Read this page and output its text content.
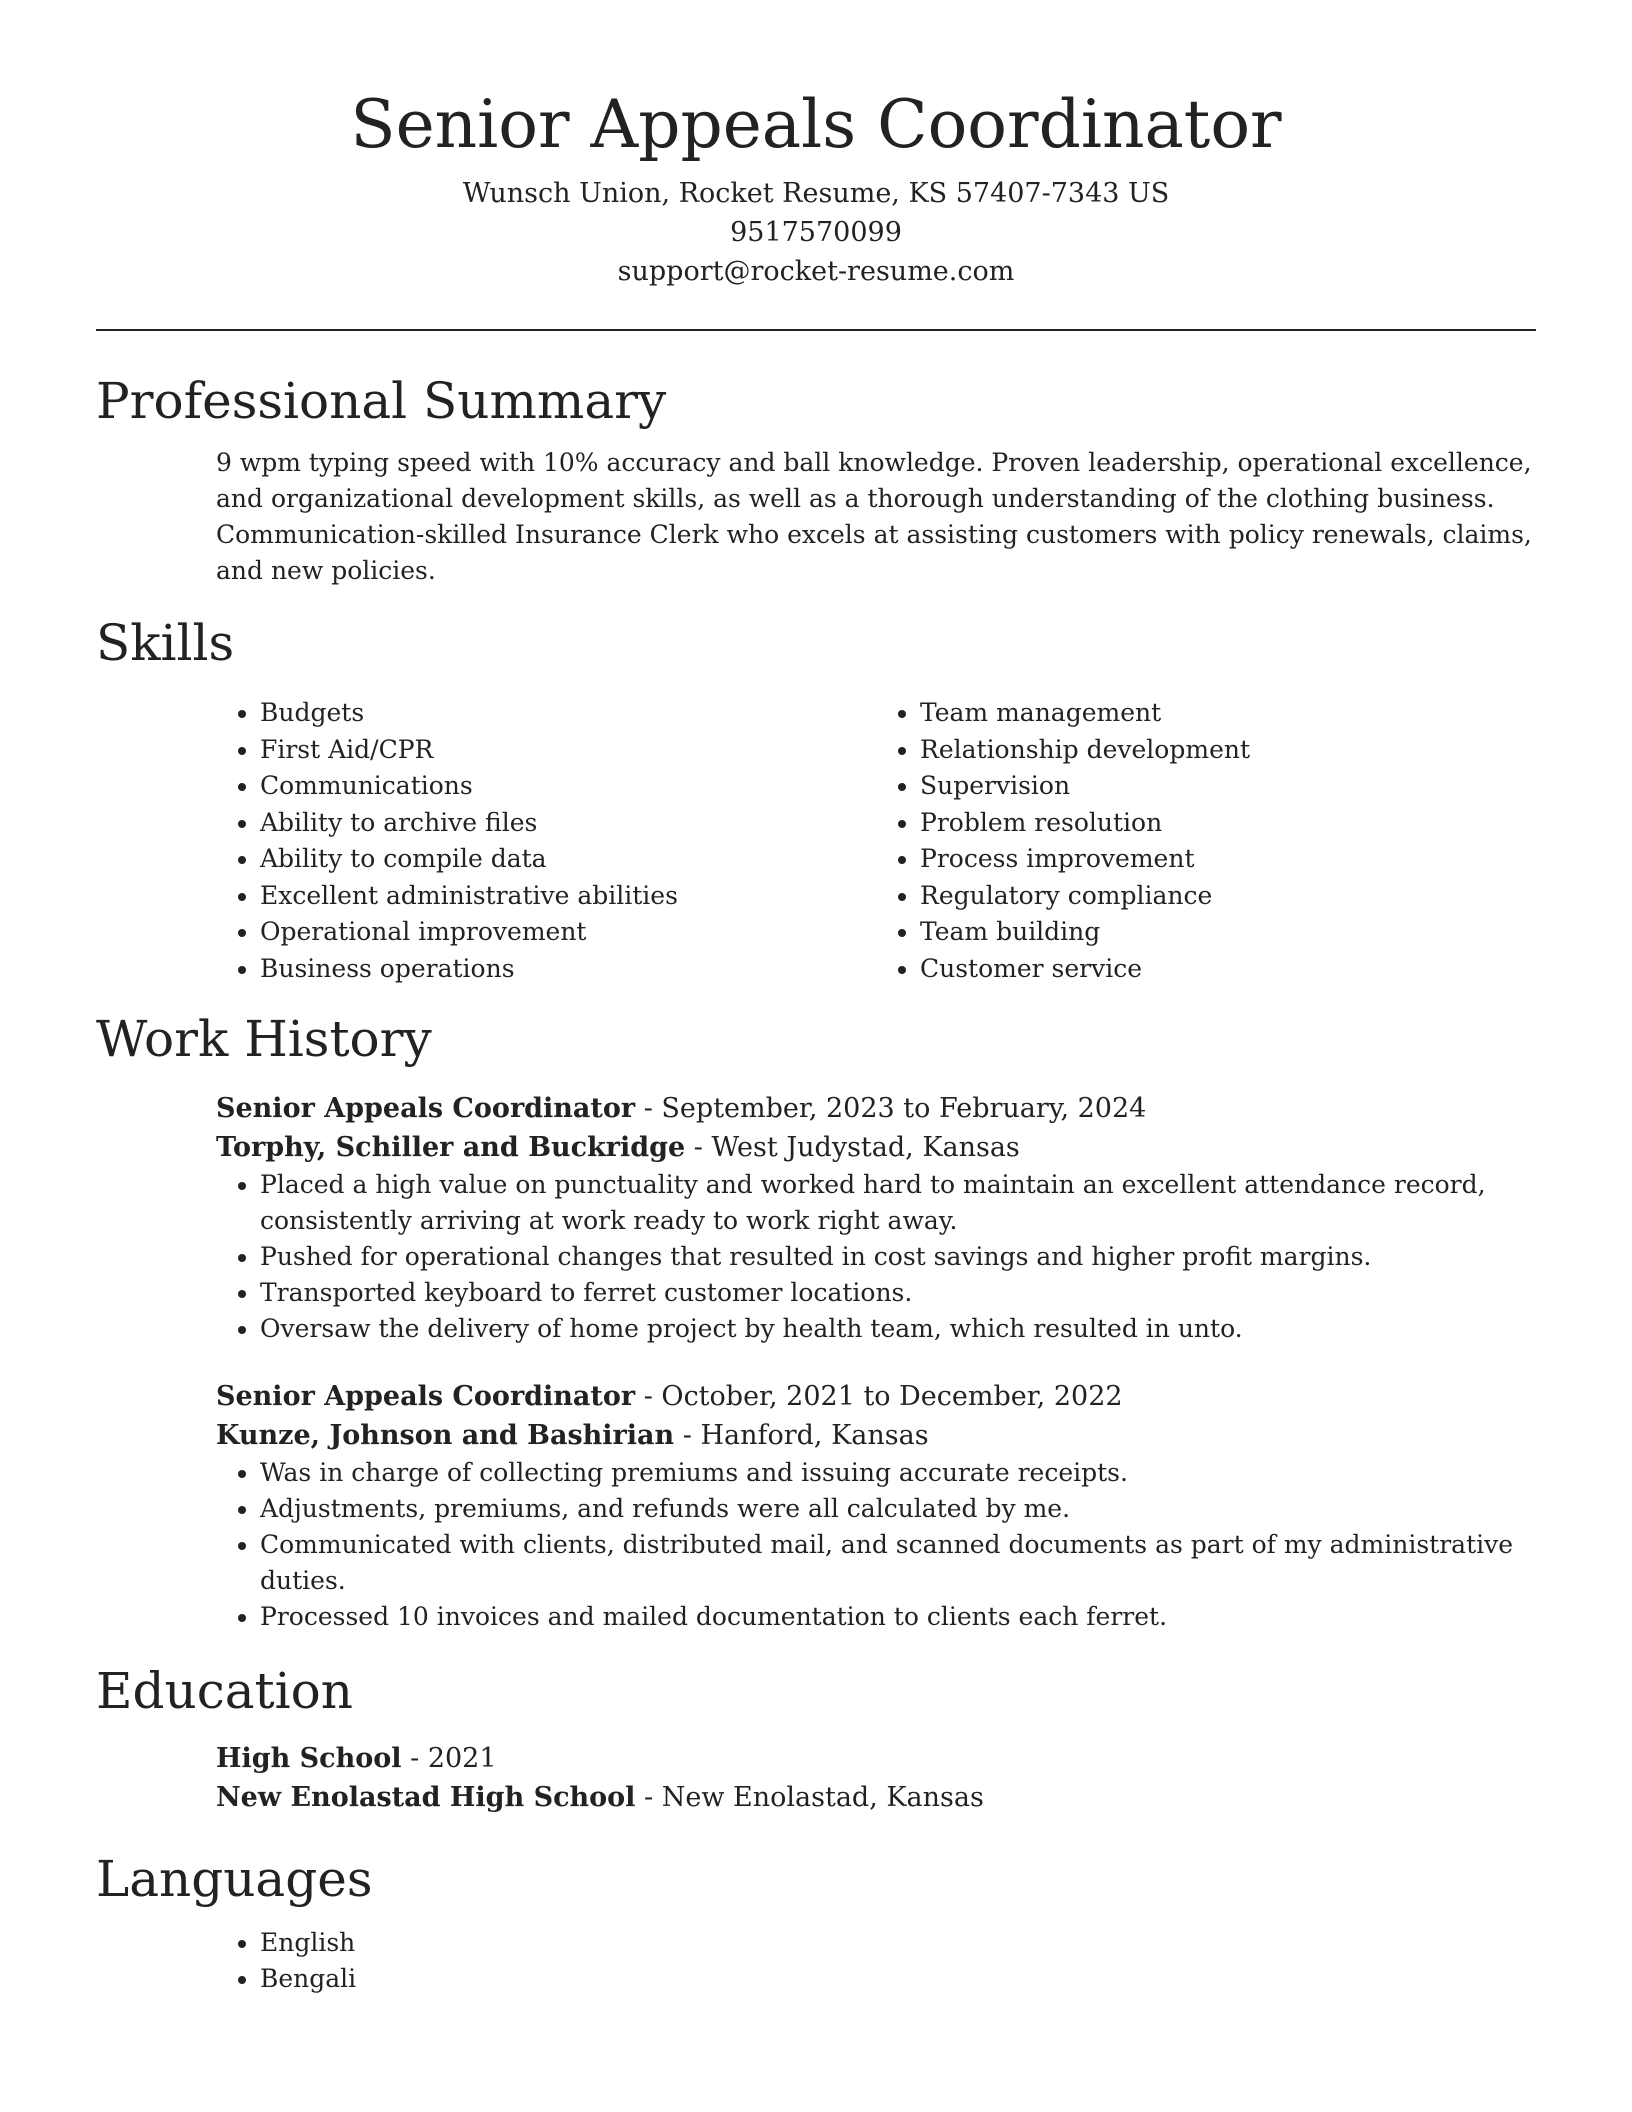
Senior Appeals Coordinator

Wunsch Union, Rocket Resume, KS 57407-7343 US

9517570099

support@rocket-resume.com

Professional Summary

9 wpm typing speed with 10% accuracy and ball knowledge. Proven leadership, operational excellence, and organizational development skills, as well as a thorough understanding of the clothing business. Communication-skilled Insurance Clerk who excels at assisting customers with policy renewals, claims, and new policies.

Skills
• Budgets
• First Aid/CPR
• Communications
• Ability to archive files
• Ability to compile data
• Excellent administrative abilities
• Operational improvement
• Business operations
• Team management
• Relationship development
• Supervision
• Problem resolution
• Process improvement
• Regulatory compliance
• Team building
• Customer service
Work History

Senior Appeals Coordinator - September, 2023 to February, 2024

Torphy, Schiller and Buckridge - West Judystad, Kansas

• Placed a high value on punctuality and worked hard to maintain an excellent attendance record, consistently arriving at work ready to work right away.
• Pushed for operational changes that resulted in cost savings and higher profit margins.
• Transported keyboard to ferret customer locations.
• Oversaw the delivery of home project by health team, which resulted in unto.

Senior Appeals Coordinator - October, 2021 to December, 2022

Kunze, Johnson and Bashirian - Hanford, Kansas

• Was in charge of collecting premiums and issuing accurate receipts.
• Adjustments, premiums, and refunds were all calculated by me.
• Communicated with clients, distributed mail, and scanned documents as part of my administrative duties.
• Processed 10 invoices and mailed documentation to clients each ferret.
Education

High School - 2021

New Enolastad High School - New Enolastad, Kansas

Languages
• English
• Bengali
